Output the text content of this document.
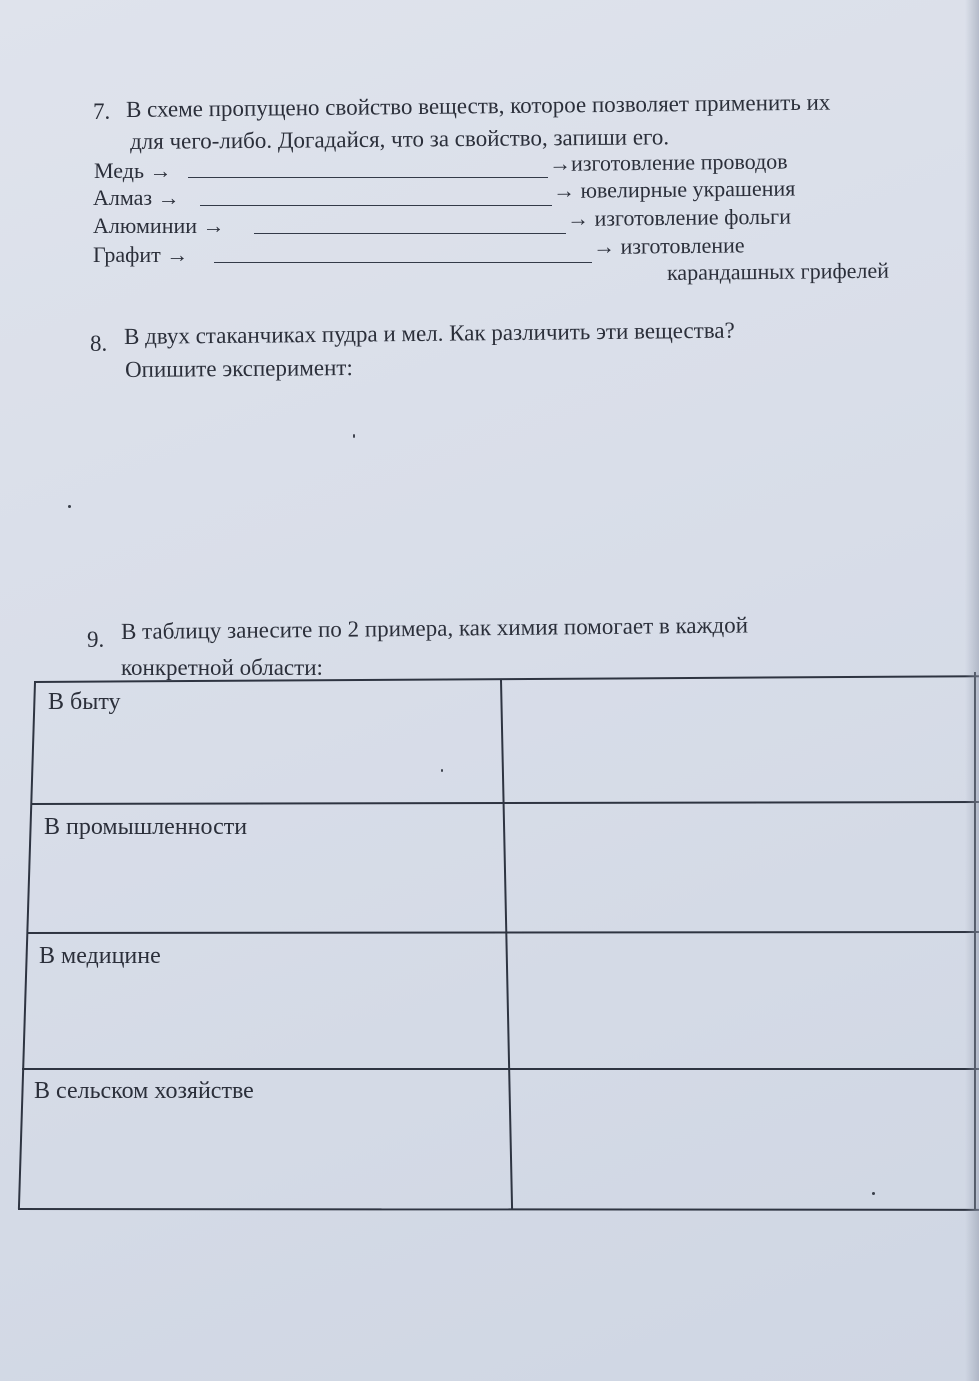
7. В схеме пропущено свойство веществ, которое позволяет применить их
для чего-либо. Догадайся, что за свойство, запиши его.
Медь →	→изготовление проводов
Алмаз →	→ ювелирные украшения
Алюминии →	→ изготовление фольги
Графит →	→ изготовление
карандашных грифелей
8. В двух стаканчиках пудра и мел. Как различить эти вещества?
Опишите эксперимент:
9. В таблицу занесите по 2 примера, как химия помогает в каждой
конкретной области:
В быту
В промышленности
В медицине
В сельском хозяйстве
